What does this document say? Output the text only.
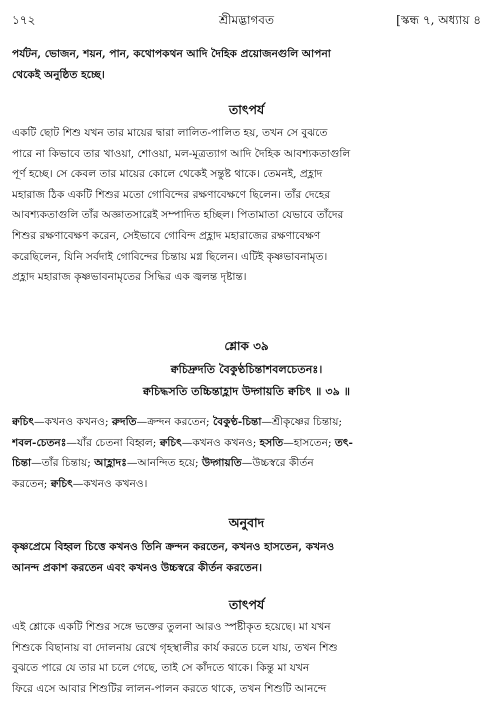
১৭২	শ্রীমদ্ভাগবত	[স্কন্ধ ৭, অধ্যায় ৪
পর্যটন, ভোজন, শয়ন, পান, কথোপকথন আদি দৈহিক প্রয়োজনগুলি আপনা
থেকেই অনুষ্ঠিত হচ্ছে।
তাৎপর্য
একটি ছোট শিশু যখন তার মায়ের দ্বারা লালিত-পালিত হয়, তখন সে বুঝতে
পারে না কিভাবে তার খাওয়া, শোওয়া, মল-মূত্রত্যাগ আদি দৈহিক আবশ্যকতাগুলি
পূর্ণ হচ্ছে। সে কেবল তার মায়ের কোলে থেকেই সন্তুষ্ট থাকে। তেমনই, প্রহ্লাদ
মহারাজ ঠিক একটি শিশুর মতো গোবিন্দের রক্ষণাবেক্ষণে ছিলেন। তাঁর দেহের
আবশ্যকতাগুলি তাঁর অজ্ঞাতসারেই সম্পাদিত হচ্ছিল। পিতামাতা যেভাবে তাঁদের
শিশুর রক্ষণাবেক্ষণ করেন, সেইভাবে গোবিন্দ প্রহ্লাদ মহারাজের রক্ষণাবেক্ষণ
করেছিলেন, যিনি সর্বদাই গোবিন্দের চিন্তায় মগ্ন ছিলেন। এটিই কৃষ্ণভাবনামৃত।
প্রহ্লাদ মহারাজ কৃষ্ণভাবনামৃতের সিদ্ধির এক জ্বলন্ত দৃষ্টান্ত।
শ্লোক ৩৯
ক্বচিদ্রুদতি বৈকুণ্ঠচিন্তাশবলচেতনঃ।
ক্বচিদ্ধসতি তচ্চিন্তাহ্লাদ উদ্গায়তি ক্বচিৎ ॥ ৩৯ ॥
ক্বচিৎ—কখনও কখনও; রুদতি—ক্রন্দন করতেন; বৈকুণ্ঠ-চিন্তা—শ্রীকৃষ্ণের চিন্তায়;
শবল-চেতনঃ—যাঁর চেতনা বিহ্বল; ক্বচিৎ—কখনও কখনও; হসতি—হাসতেন; তৎ-
চিন্তা—তাঁর চিন্তায়; আহ্লাদঃ—আনন্দিত হয়ে; উদ্গায়তি—উচ্চস্বরে কীর্তন
করতেন; ক্বচিৎ—কখনও কখনও।
অনুবাদ
কৃষ্ণপ্রেমে বিহ্বল চিত্তে কখনও তিনি ক্রন্দন করতেন, কখনও হাসতেন, কখনও
আনন্দ প্রকাশ করতেন এবং কখনও উচ্চস্বরে কীর্তন করতেন।
তাৎপর্য
এই শ্লোকে একটি শিশুর সঙ্গে ভক্তের তুলনা আরও স্পষ্টীকৃত হয়েছে। মা যখন
শিশুকে বিছানায় বা দোলনায় রেখে গৃহস্থালীর কার্য করতে চলে যায়, তখন শিশু
বুঝতে পারে যে তার মা চলে গেছে, তাই সে কাঁদতে থাকে। কিন্তু মা যখন
ফিরে এসে আবার শিশুটির লালন-পালন করতে থাকে, তখন শিশুটি আনন্দে
